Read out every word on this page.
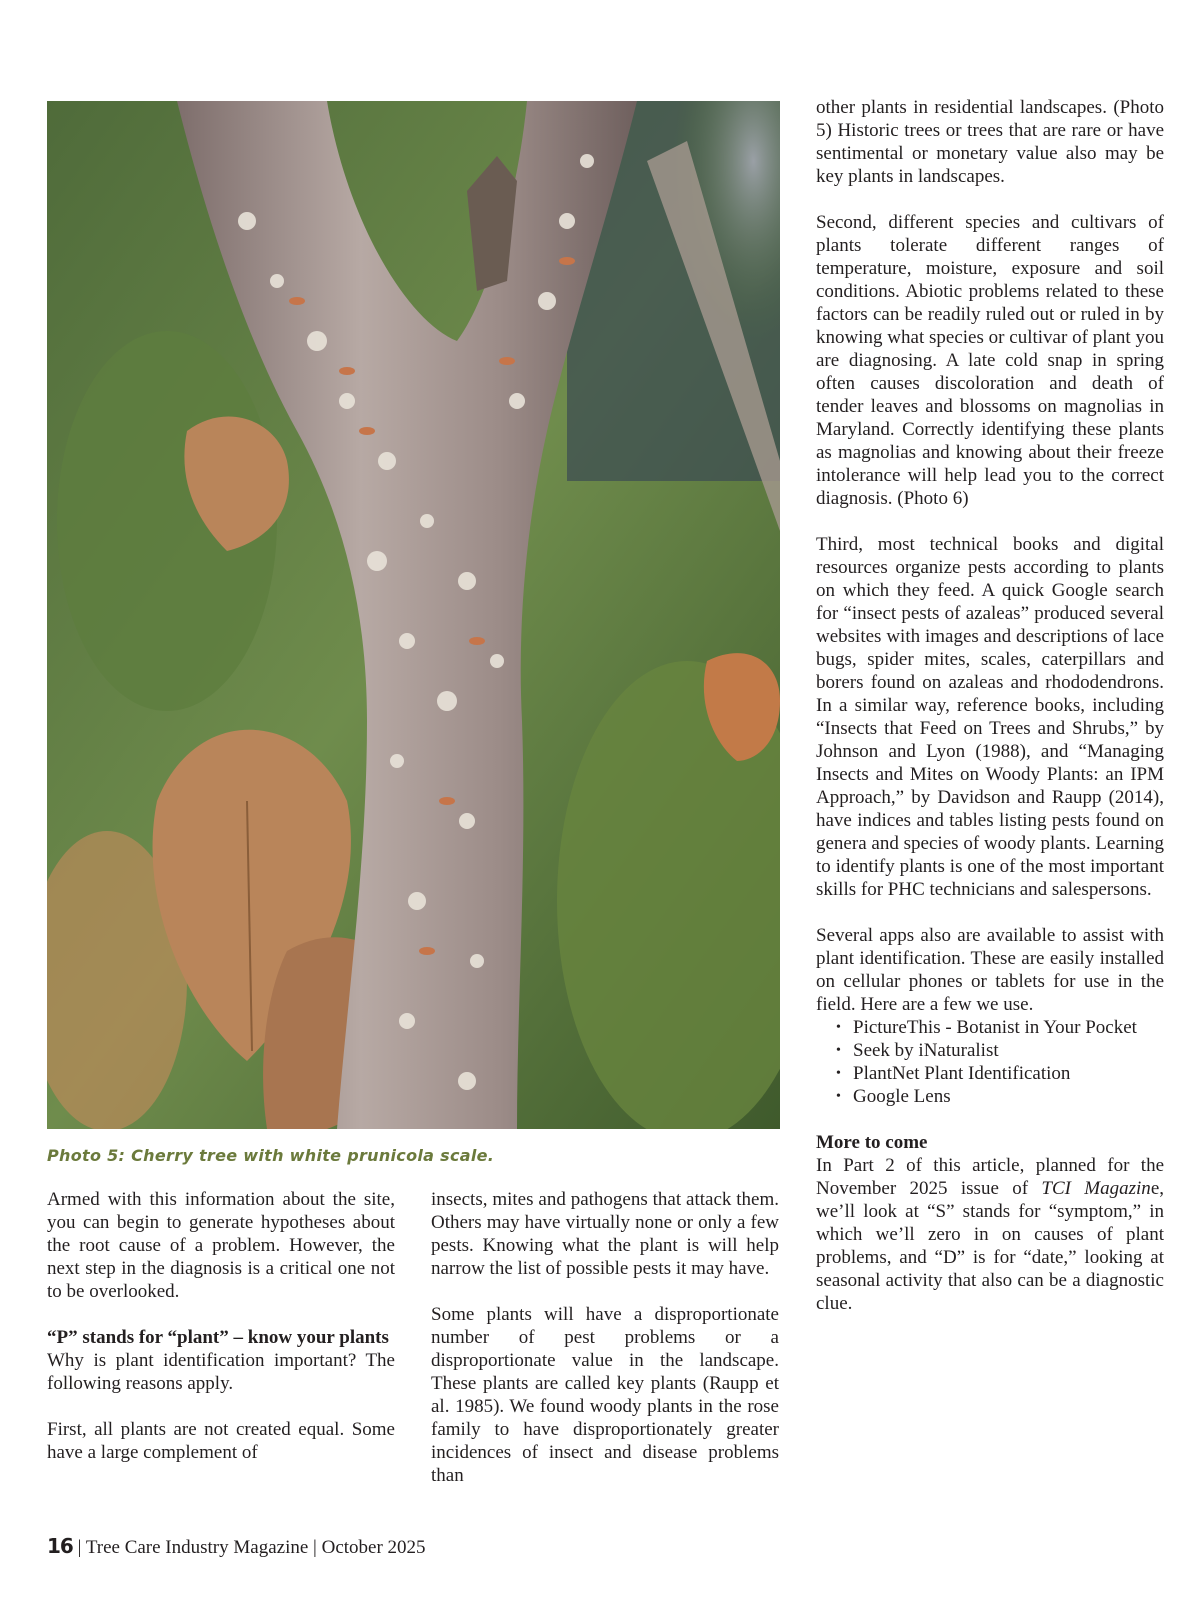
Photo 5: Cherry tree with white prunicola scale.

Armed with this information about the site, you can begin to generate hypotheses about the root cause of a problem. However, the next step in the diagnosis is a critical one not to be overlooked.

“P” stands for “plant” – know your plants

Why is plant identification important? The following reasons apply.

First, all plants are not created equal. Some have a large complement of

insects, mites and pathogens that attack them. Others may have virtually none or only a few pests. Knowing what the plant is will help narrow the list of possible pests it may have.

Some plants will have a disproportionate number of pest problems or a disproportionate value in the landscape. These plants are called key plants (Raupp et al. 1985). We found woody plants in the rose family to have disproportionately greater incidences of insect and disease problems than

other plants in residential landscapes. (Photo 5) Historic trees or trees that are rare or have sentimental or monetary value also may be key plants in landscapes.

Second, different species and cultivars of plants tolerate different ranges of temperature, moisture, exposure and soil conditions. Abiotic problems related to these factors can be readily ruled out or ruled in by knowing what species or cultivar of plant you are diagnosing. A late cold snap in spring often causes discoloration and death of tender leaves and blossoms on magnolias in Maryland. Correctly identifying these plants as magnolias and knowing about their freeze intolerance will help lead you to the correct diagnosis. (Photo 6)

Third, most technical books and digital resources organize pests according to plants on which they feed. A quick Google search for “insect pests of azaleas” produced several websites with images and descriptions of lace bugs, spider mites, scales, caterpillars and borers found on azaleas and rhododendrons. In a similar way, reference books, including “Insects that Feed on Trees and Shrubs,” by Johnson and Lyon (1988), and “Managing Insects and Mites on Woody Plants: an IPM Approach,” by Davidson and Raupp (2014), have indices and tables listing pests found on genera and species of woody plants. Learning to identify plants is one of the most important skills for PHC technicians and salespersons.

Several apps also are available to assist with plant identification. These are easily installed on cellular phones or tablets for use in the field. Here are a few we use.

• PictureThis - Botanist in Your Pocket
• Seek by iNaturalist
• PlantNet Plant Identification
• Google Lens
More to come

In Part 2 of this article, planned for the November 2025 issue of TCI Magazine, we’ll look at “S” stands for “symptom,” in which we’ll zero in on causes of plant problems, and “D” is for “date,” looking at seasonal activity that also can be a diagnostic clue.

16 | Tree Care Industry Magazine | October 2025
